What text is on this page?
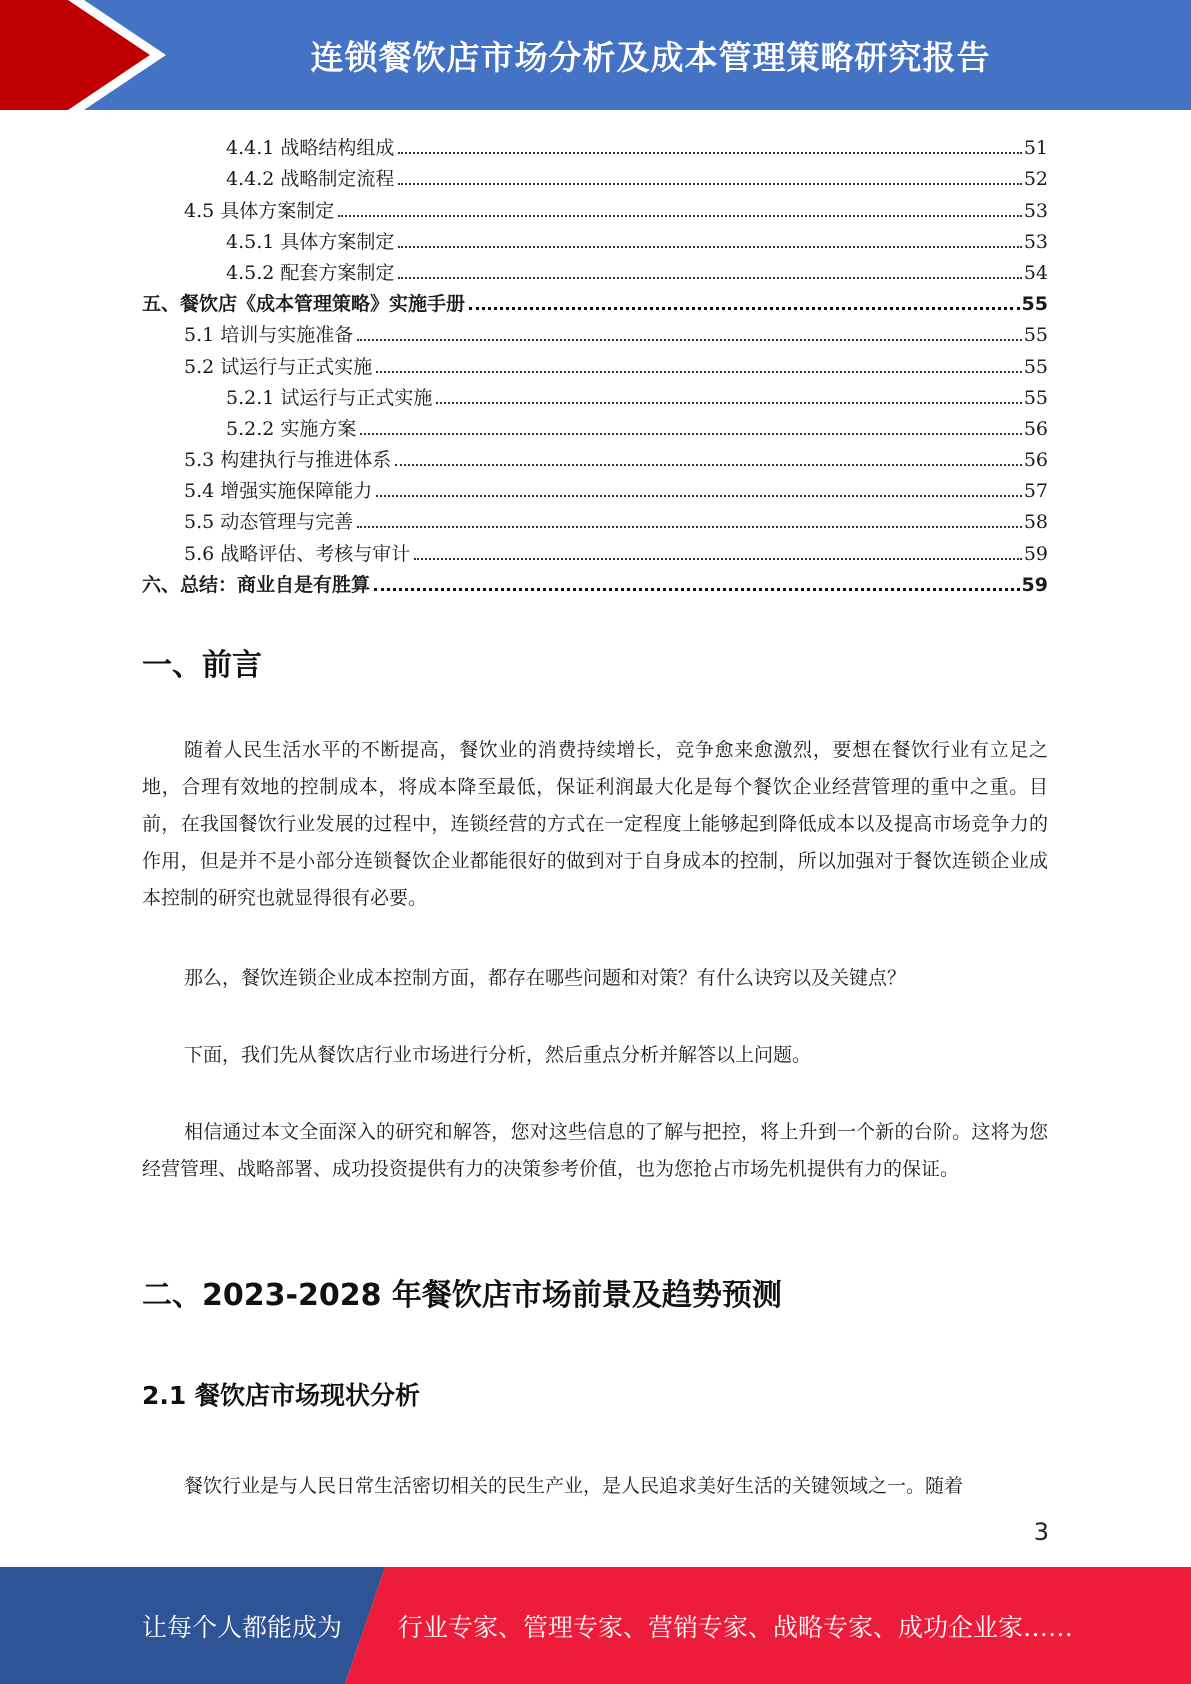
连锁餐饮店市场分析及成本管理策略研究报告
4.4.1 战略结构组成	51
4.4.2 战略制定流程	52
4.5 具体方案制定	53
4.5.1 具体方案制定	53
4.5.2 配套方案制定	54
五、餐饮店《成本管理策略》实施手册	55
5.1 培训与实施准备	55
5.2 试运行与正式实施	55
5.2.1 试运行与正式实施	55
5.2.2 实施方案	56
5.3 构建执行与推进体系	56
5.4 增强实施保障能力	57
5.5 动态管理与完善	58
5.6 战略评估、考核与审计	59
六、总结：商业自是有胜算	59
一、前言

随着人民生活水平的不断提高，餐饮业的消费持续增长，竞争愈来愈激烈，要想在餐饮行业有立足之地，合理有效地的控制成本，将成本降至最低，保证利润最大化是每个餐饮企业经营管理的重中之重。目前，在我国餐饮行业发展的过程中，连锁经营的方式在一定程度上能够起到降低成本以及提高市场竞争力的作用，但是并不是小部分连锁餐饮企业都能很好的做到对于自身成本的控制，所以加强对于餐饮连锁企业成本控制的研究也就显得很有必要。

那么，餐饮连锁企业成本控制方面，都存在哪些问题和对策？有什么诀窍以及关键点？

下面，我们先从餐饮店行业市场进行分析，然后重点分析并解答以上问题。

相信通过本文全面深入的研究和解答，您对这些信息的了解与把控，将上升到一个新的台阶。这将为您经营管理、战略部署、成功投资提供有力的决策参考价值，也为您抢占市场先机提供有力的保证。

二、2023-2028 年餐饮店市场前景及趋势预测
2.1 餐饮店市场现状分析

餐饮行业是与人民日常生活密切相关的民生产业，是人民追求美好生活的关键领域之一。随着

3
让每个人都能成为 行业专家、管理专家、营销专家、战略专家、成功企业家……
